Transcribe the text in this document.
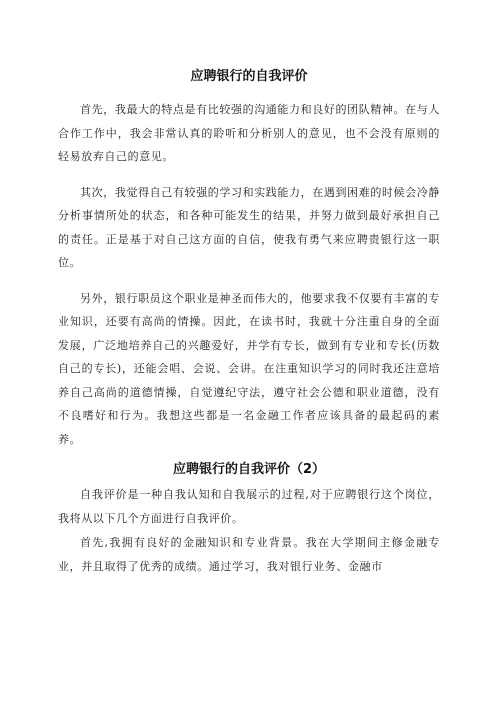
应聘银行的自我评价

首先，我最大的特点是有比较强的沟通能力和良好的团队精神。在与人合作工作中，我会非常认真的聆听和分析别人的意见，也不会没有原则的轻易放弃自己的意见。

其次，我觉得自己有较强的学习和实践能力，在遇到困难的时候会冷静分析事情所处的状态，和各种可能发生的结果，并努力做到最好承担自己的责任。正是基于对自己这方面的自信，使我有勇气来应聘贵银行这一职位。

另外，银行职员这个职业是神圣而伟大的，他要求我不仅要有丰富的专业知识，还要有高尚的情操。因此，在读书时，我就十分注重自身的全面发展，广泛地培养自己的兴趣爱好，并学有专长，做到有专业和专长(历数自己的专长)，还能会唱、会说、会讲。在注重知识学习的同时我还注意培养自己高尚的道德情操，自觉遵纪守法，遵守社会公德和职业道德，没有不良嗜好和行为。我想这些都是一名金融工作者应该具备的最起码的素养。

应聘银行的自我评价（2）

自我评价是一种自我认知和自我展示的过程,对于应聘银行这个岗位，我将从以下几个方面进行自我评价。

首先,我拥有良好的金融知识和专业背景。我在大学期间主修金融专业，并且取得了优秀的成绩。通过学习，我对银行业务、金融市
